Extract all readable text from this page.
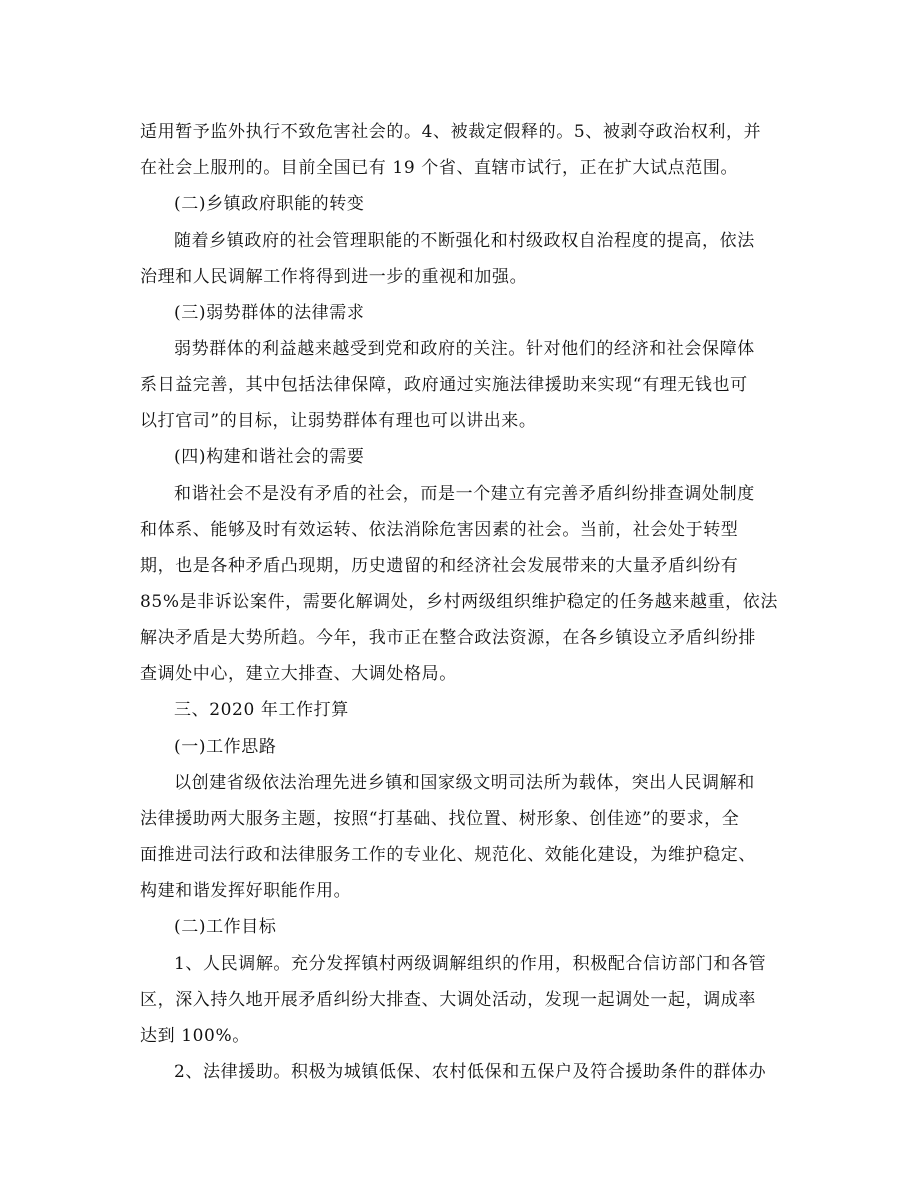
适用暂予监外执行不致危害社会的。4、被裁定假释的。5、被剥夺政治权利，并
在社会上服刑的。目前全国已有 19 个省、直辖市试行，正在扩大试点范围。
(二)乡镇政府职能的转变
随着乡镇政府的社会管理职能的不断强化和村级政权自治程度的提高，依法
治理和人民调解工作将得到进一步的重视和加强。
(三)弱势群体的法律需求
弱势群体的利益越来越受到党和政府的关注。针对他们的经济和社会保障体
系日益完善，其中包括法律保障，政府通过实施法律援助来实现“有理无钱也可
以打官司”的目标，让弱势群体有理也可以讲出来。
(四)构建和谐社会的需要
和谐社会不是没有矛盾的社会，而是一个建立有完善矛盾纠纷排查调处制度
和体系、能够及时有效运转、依法消除危害因素的社会。当前，社会处于转型
期，也是各种矛盾凸现期，历史遗留的和经济社会发展带来的大量矛盾纠纷有
85%是非诉讼案件，需要化解调处，乡村两级组织维护稳定的任务越来越重，依法
解决矛盾是大势所趋。今年，我市正在整合政法资源，在各乡镇设立矛盾纠纷排
查调处中心，建立大排查、大调处格局。
三、2020 年工作打算
(一)工作思路
以创建省级依法治理先进乡镇和国家级文明司法所为载体，突出人民调解和
法律援助两大服务主题，按照“打基础、找位置、树形象、创佳迹”的要求，全
面推进司法行政和法律服务工作的专业化、规范化、效能化建设，为维护稳定、
构建和谐发挥好职能作用。
(二)工作目标
1、人民调解。充分发挥镇村两级调解组织的作用，积极配合信访部门和各管
区，深入持久地开展矛盾纠纷大排查、大调处活动，发现一起调处一起，调成率
达到 100%。
2、法律援助。积极为城镇低保、农村低保和五保户及符合援助条件的群体办
